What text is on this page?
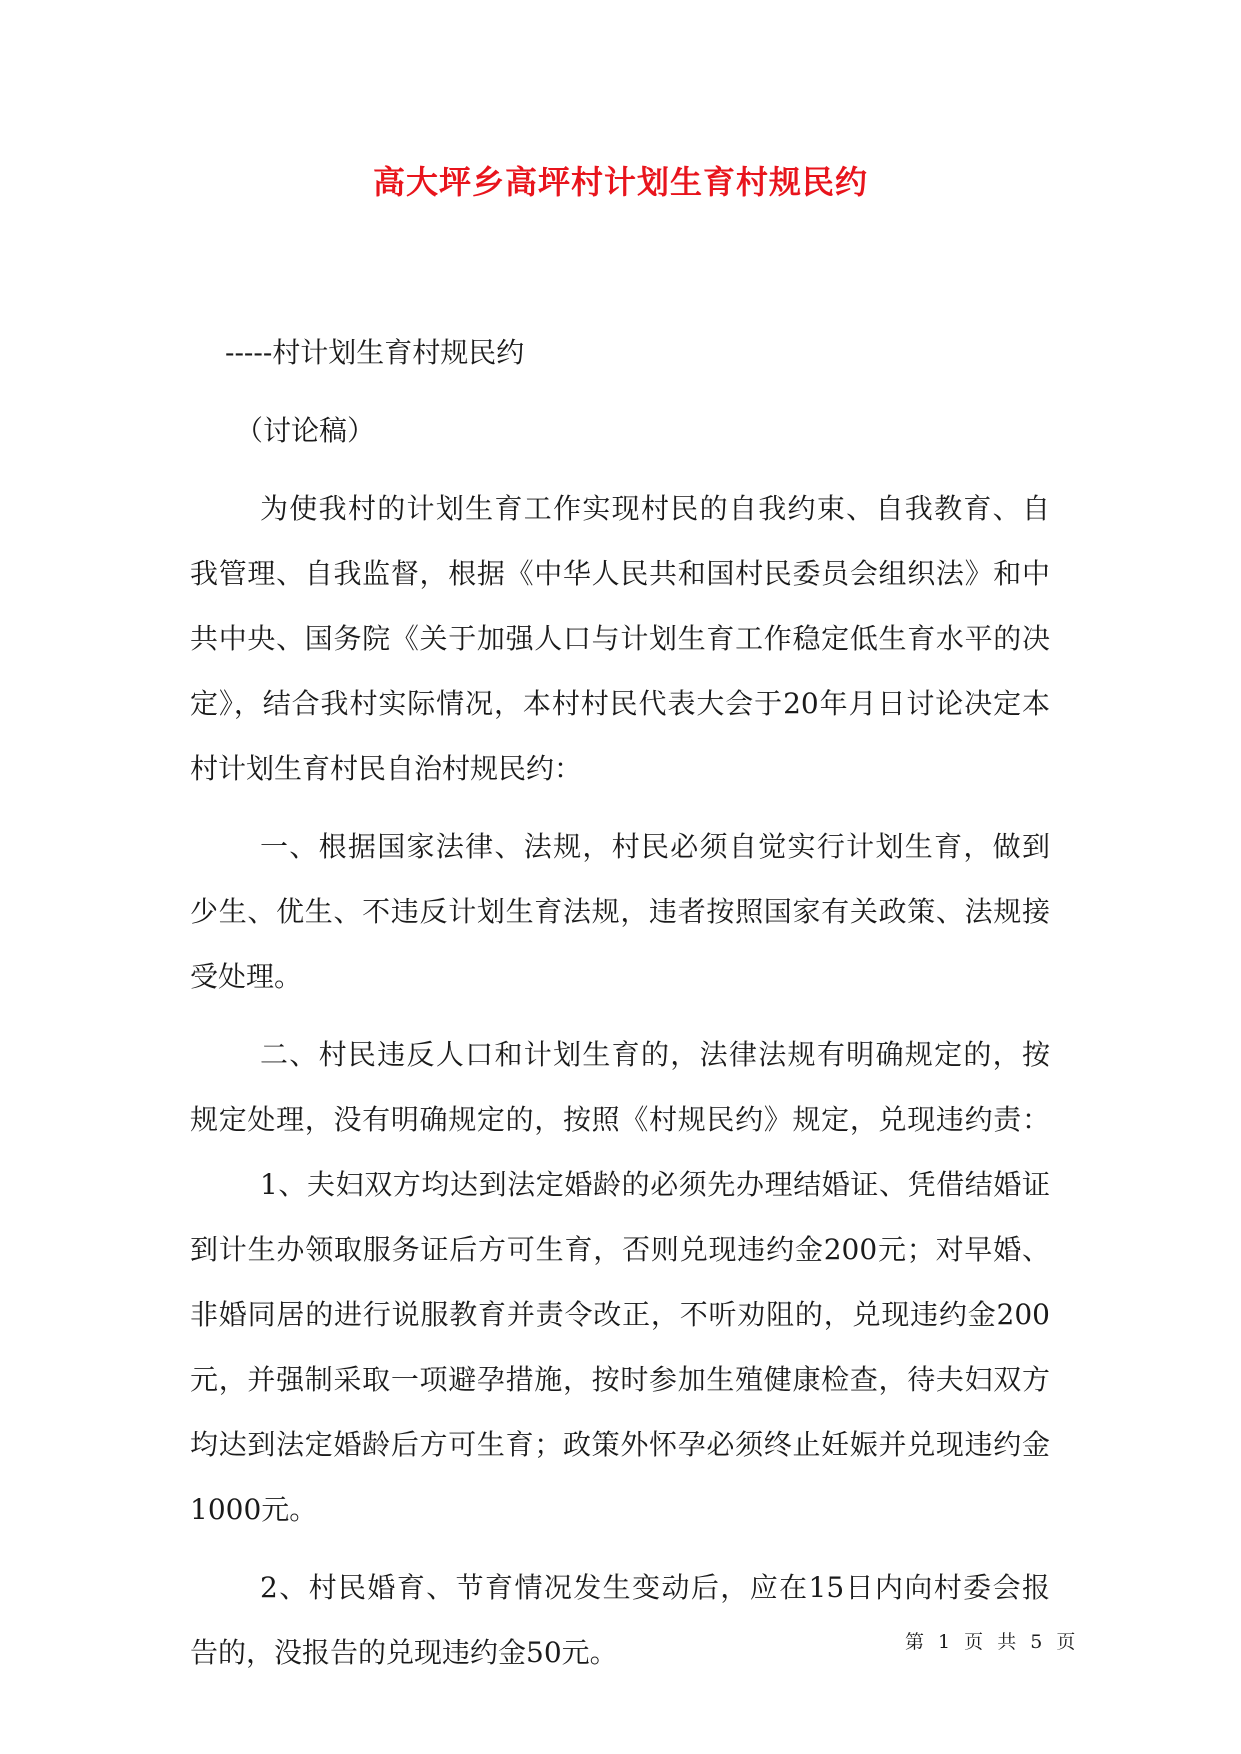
高大坪乡高坪村计划生育村规民约
-----村计划生育村规民约
（讨论稿）
为使我村的计划生育工作实现村民的自我约束、自我教育、自
我管理、自我监督，根据《中华人民共和国村民委员会组织法》和中
共中央、国务院《关于加强人口与计划生育工作稳定低生育水平的决
定》，结合我村实际情况，本村村民代表大会于20年月日讨论决定本
村计划生育村民自治村规民约：
一、根据国家法律、法规，村民必须自觉实行计划生育，做到
少生、优生、不违反计划生育法规，违者按照国家有关政策、法规接
受处理。
二、村民违反人口和计划生育的，法律法规有明确规定的，按
规定处理，没有明确规定的，按照《村规民约》规定，兑现违约责：
1、夫妇双方均达到法定婚龄的必须先办理结婚证、凭借结婚证
到计生办领取服务证后方可生育，否则兑现违约金200元；对早婚、
非婚同居的进行说服教育并责令改正，不听劝阻的，兑现违约金200
元，并强制采取一项避孕措施，按时参加生殖健康检查，待夫妇双方
均达到法定婚龄后方可生育；政策外怀孕必须终止妊娠并兑现违约金
1000元。
2、村民婚育、节育情况发生变动后，应在15日内向村委会报
告的，没报告的兑现违约金50元。	第 1 页 共 5 页
